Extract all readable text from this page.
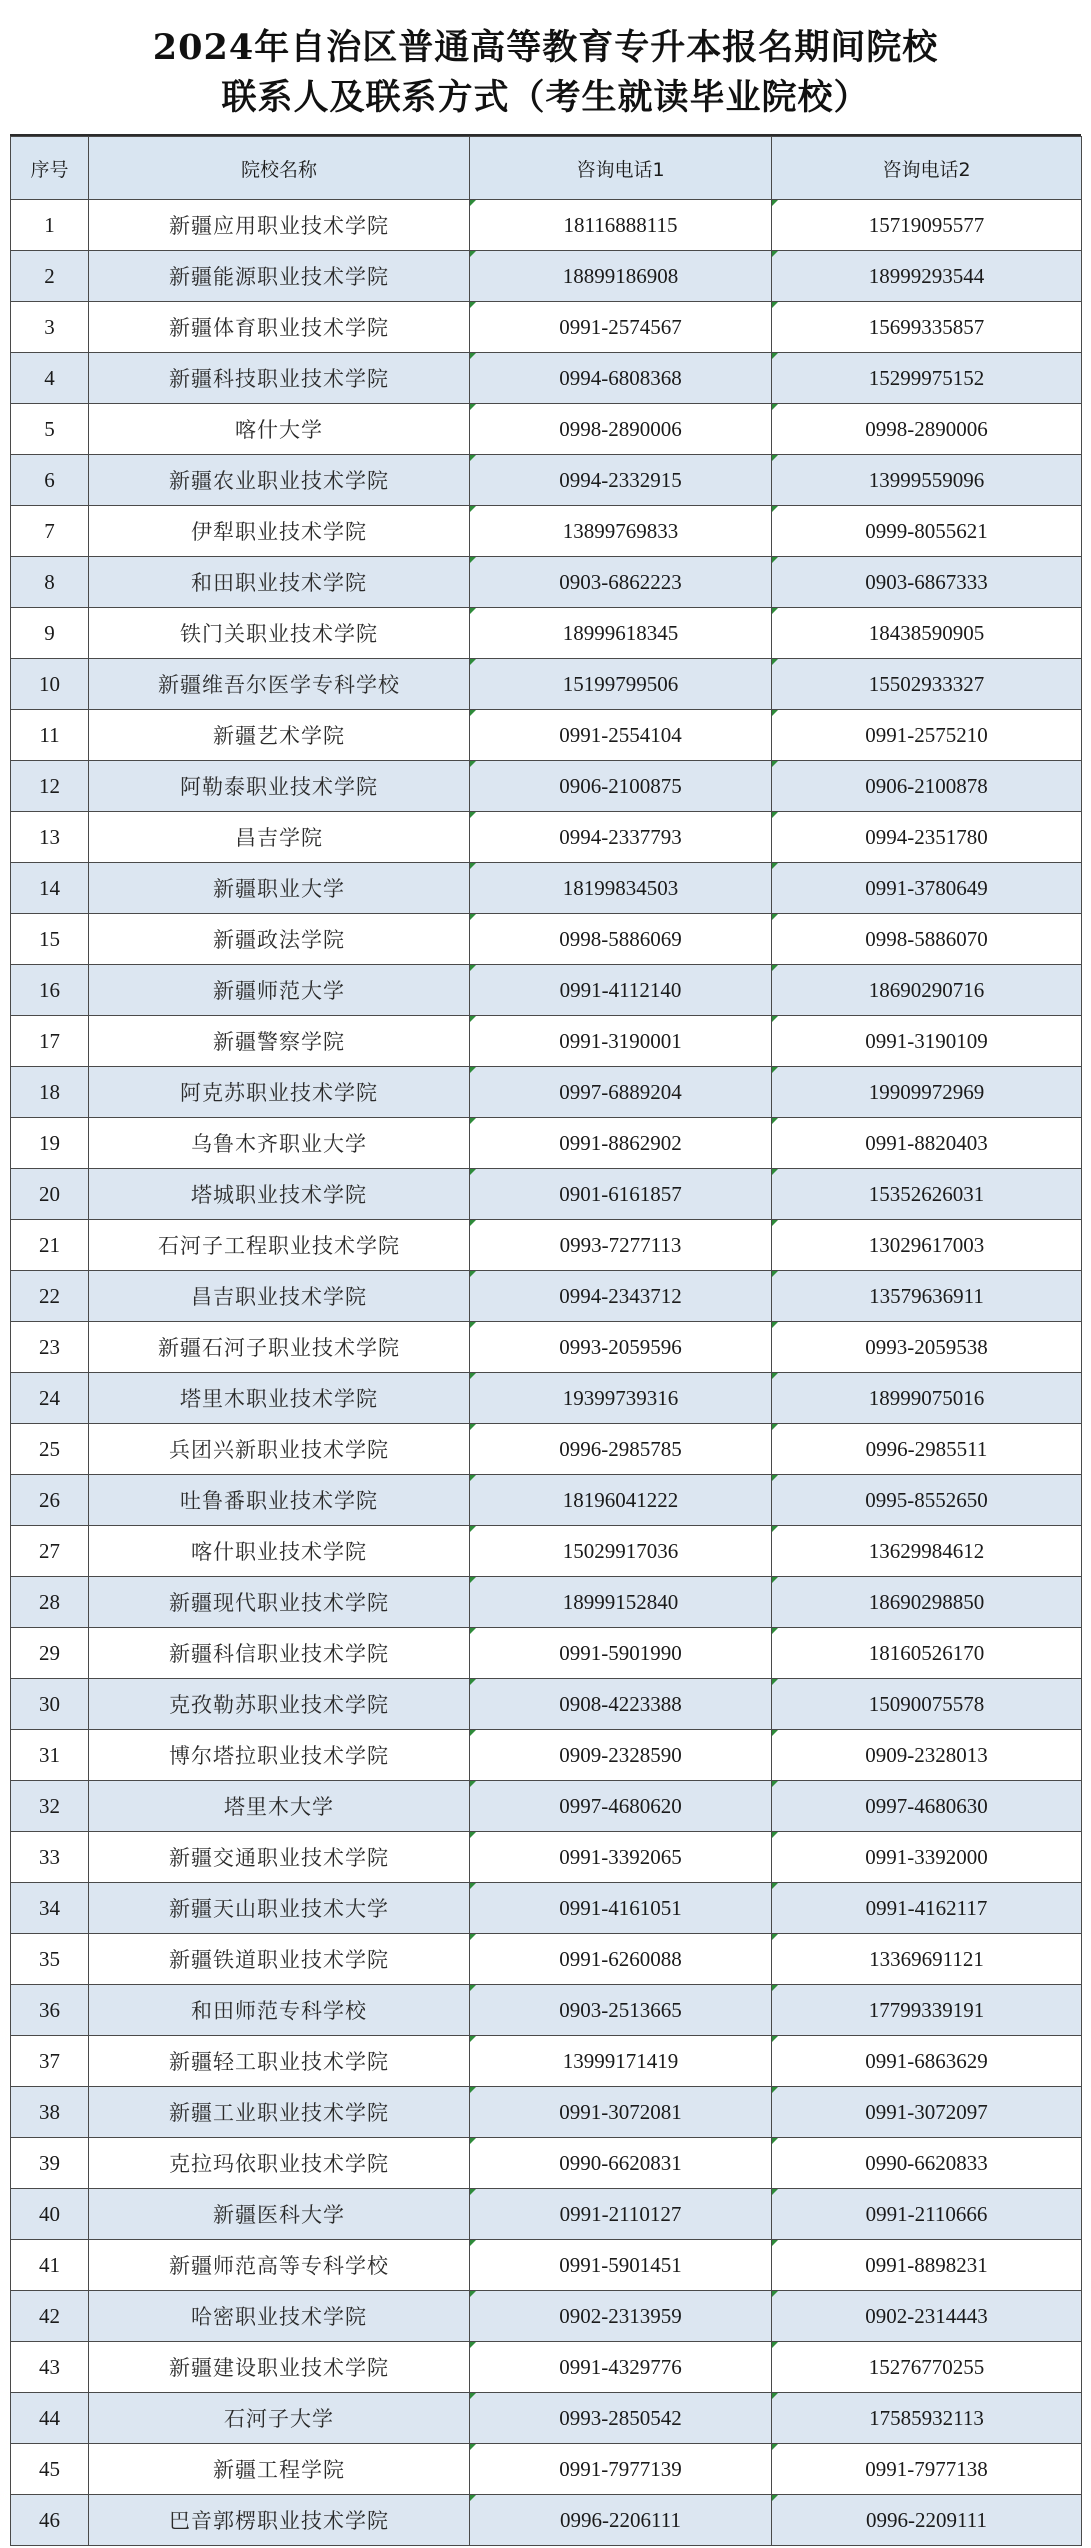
2024年自治区普通高等教育专升本报名期间院校
联系人及联系方式（考生就读毕业院校）
序号	院校名称	咨询电话1	咨询电话2
1	新疆应用职业技术学院	18116888115	15719095577
2	新疆能源职业技术学院	18899186908	18999293544
3	新疆体育职业技术学院	0991-2574567	15699335857
4	新疆科技职业技术学院	0994-6808368	15299975152
5	喀什大学	0998-2890006	0998-2890006
6	新疆农业职业技术学院	0994-2332915	13999559096
7	伊犁职业技术学院	13899769833	0999-8055621
8	和田职业技术学院	0903-6862223	0903-6867333
9	铁门关职业技术学院	18999618345	18438590905
10	新疆维吾尔医学专科学校	15199799506	15502933327
11	新疆艺术学院	0991-2554104	0991-2575210
12	阿勒泰职业技术学院	0906-2100875	0906-2100878
13	昌吉学院	0994-2337793	0994-2351780
14	新疆职业大学	18199834503	0991-3780649
15	新疆政法学院	0998-5886069	0998-5886070
16	新疆师范大学	0991-4112140	18690290716
17	新疆警察学院	0991-3190001	0991-3190109
18	阿克苏职业技术学院	0997-6889204	19909972969
19	乌鲁木齐职业大学	0991-8862902	0991-8820403
20	塔城职业技术学院	0901-6161857	15352626031
21	石河子工程职业技术学院	0993-7277113	13029617003
22	昌吉职业技术学院	0994-2343712	13579636911
23	新疆石河子职业技术学院	0993-2059596	0993-2059538
24	塔里木职业技术学院	19399739316	18999075016
25	兵团兴新职业技术学院	0996-2985785	0996-2985511
26	吐鲁番职业技术学院	18196041222	0995-8552650
27	喀什职业技术学院	15029917036	13629984612
28	新疆现代职业技术学院	18999152840	18690298850
29	新疆科信职业技术学院	0991-5901990	18160526170
30	克孜勒苏职业技术学院	0908-4223388	15090075578
31	博尔塔拉职业技术学院	0909-2328590	0909-2328013
32	塔里木大学	0997-4680620	0997-4680630
33	新疆交通职业技术学院	0991-3392065	0991-3392000
34	新疆天山职业技术大学	0991-4161051	0991-4162117
35	新疆铁道职业技术学院	0991-6260088	13369691121
36	和田师范专科学校	0903-2513665	17799339191
37	新疆轻工职业技术学院	13999171419	0991-6863629
38	新疆工业职业技术学院	0991-3072081	0991-3072097
39	克拉玛依职业技术学院	0990-6620831	0990-6620833
40	新疆医科大学	0991-2110127	0991-2110666
41	新疆师范高等专科学校	0991-5901451	0991-8898231
42	哈密职业技术学院	0902-2313959	0902-2314443
43	新疆建设职业技术学院	0991-4329776	15276770255
44	石河子大学	0993-2850542	17585932113
45	新疆工程学院	0991-7977139	0991-7977138
46	巴音郭楞职业技术学院	0996-2206111	0996-2209111
